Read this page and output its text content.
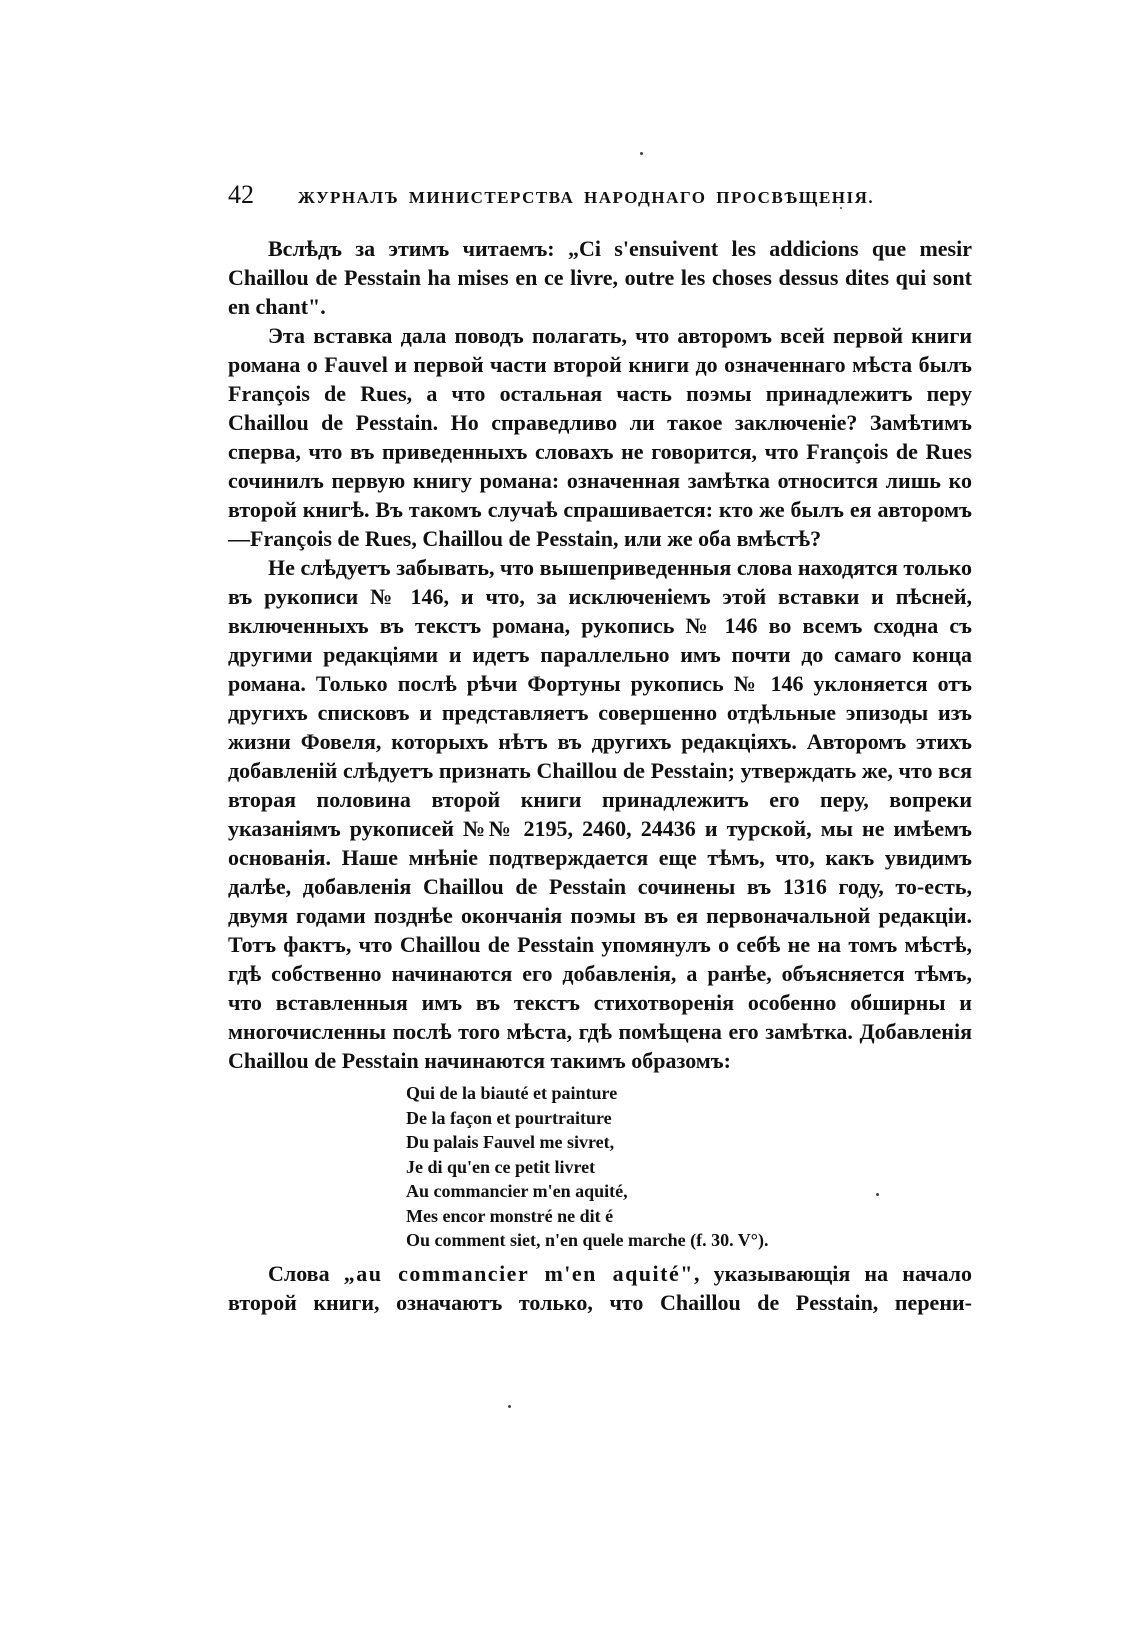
42	ЖУРНАЛЪ МИНИСТЕРСТВА НАРОДНАГО ПРОСВѢЩЕНІЯ.

Вслѣдъ за этимъ читаемъ: „Ci s'ensuivent les addicions que mesir Chaillou de Pesstain ha mises en ce livre, outre les choses dessus dites qui sont en chant".

Эта вставка дала поводъ полагать, что авторомъ всей первой книги романа о Fauvel и первой части второй книги до означеннаго мѣста былъ François de Rues, а что остальная часть поэмы принадлежитъ перу Chaillou de Pesstain. Но справедливо ли такое заключеніе? Замѣтимъ сперва, что въ приведенныхъ словахъ не говорится, что François de Rues сочинилъ первую книгу романа: означенная замѣтка относится лишь ко второй книгѣ. Въ такомъ случаѣ спрашивается: кто же былъ ея авторомъ—François de Rues, Chaillou de Pesstain, или же оба вмѣстѣ?

Не слѣдуетъ забывать, что вышеприведенныя слова находятся только въ рукописи № 146, и что, за исключеніемъ этой вставки и пѣсней, включенныхъ въ текстъ романа, рукопись № 146 во всемъ сходна съ другими редакціями и идетъ параллельно имъ почти до самаго конца романа. Только послѣ рѣчи Фортуны рукопись № 146 уклоняется отъ другихъ списковъ и представляетъ совершенно отдѣльные эпизоды изъ жизни Фовеля, которыхъ нѣтъ въ другихъ редакціяхъ. Авторомъ этихъ добавленій слѣдуетъ признать Chaillou de Pesstain; утверждать же, что вся вторая половина второй книги принадлежитъ его перу, вопреки указаніямъ рукописей №№ 2195, 2460, 24436 и турской, мы не имѣемъ основанія. Наше мнѣніе подтверждается еще тѣмъ, что, какъ увидимъ далѣе, добавленія Chaillou de Pesstain сочинены въ 1316 году, то-есть, двумя годами позднѣе окончанія поэмы въ ея первоначальной редакціи. Тотъ фактъ, что Chaillou de Pesstain упомянулъ о себѣ не на томъ мѣстѣ, гдѣ собственно начинаются его добавленія, а ранѣе, объясняется тѣмъ, что вставленныя имъ въ текстъ стихотворенія особенно обширны и многочисленны послѣ того мѣста, гдѣ помѣщена его замѣтка. Добавленія Chaillou de Pesstain начинаются такимъ образомъ:

Qui de la biauté et painture
De la façon et pourtraiture
Du palais Fauvel me sivret,
Je di qu'en ce petit livret
Au commancier m'en aquité,
Mes encor monstré ne dit é
Ou comment siet, n'en quele marche (f. 30. V°).

Слова „au commancier m'en aquité", указывающія на начало второй книги, означаютъ только, что Chaillou de Pesstain, перени-
